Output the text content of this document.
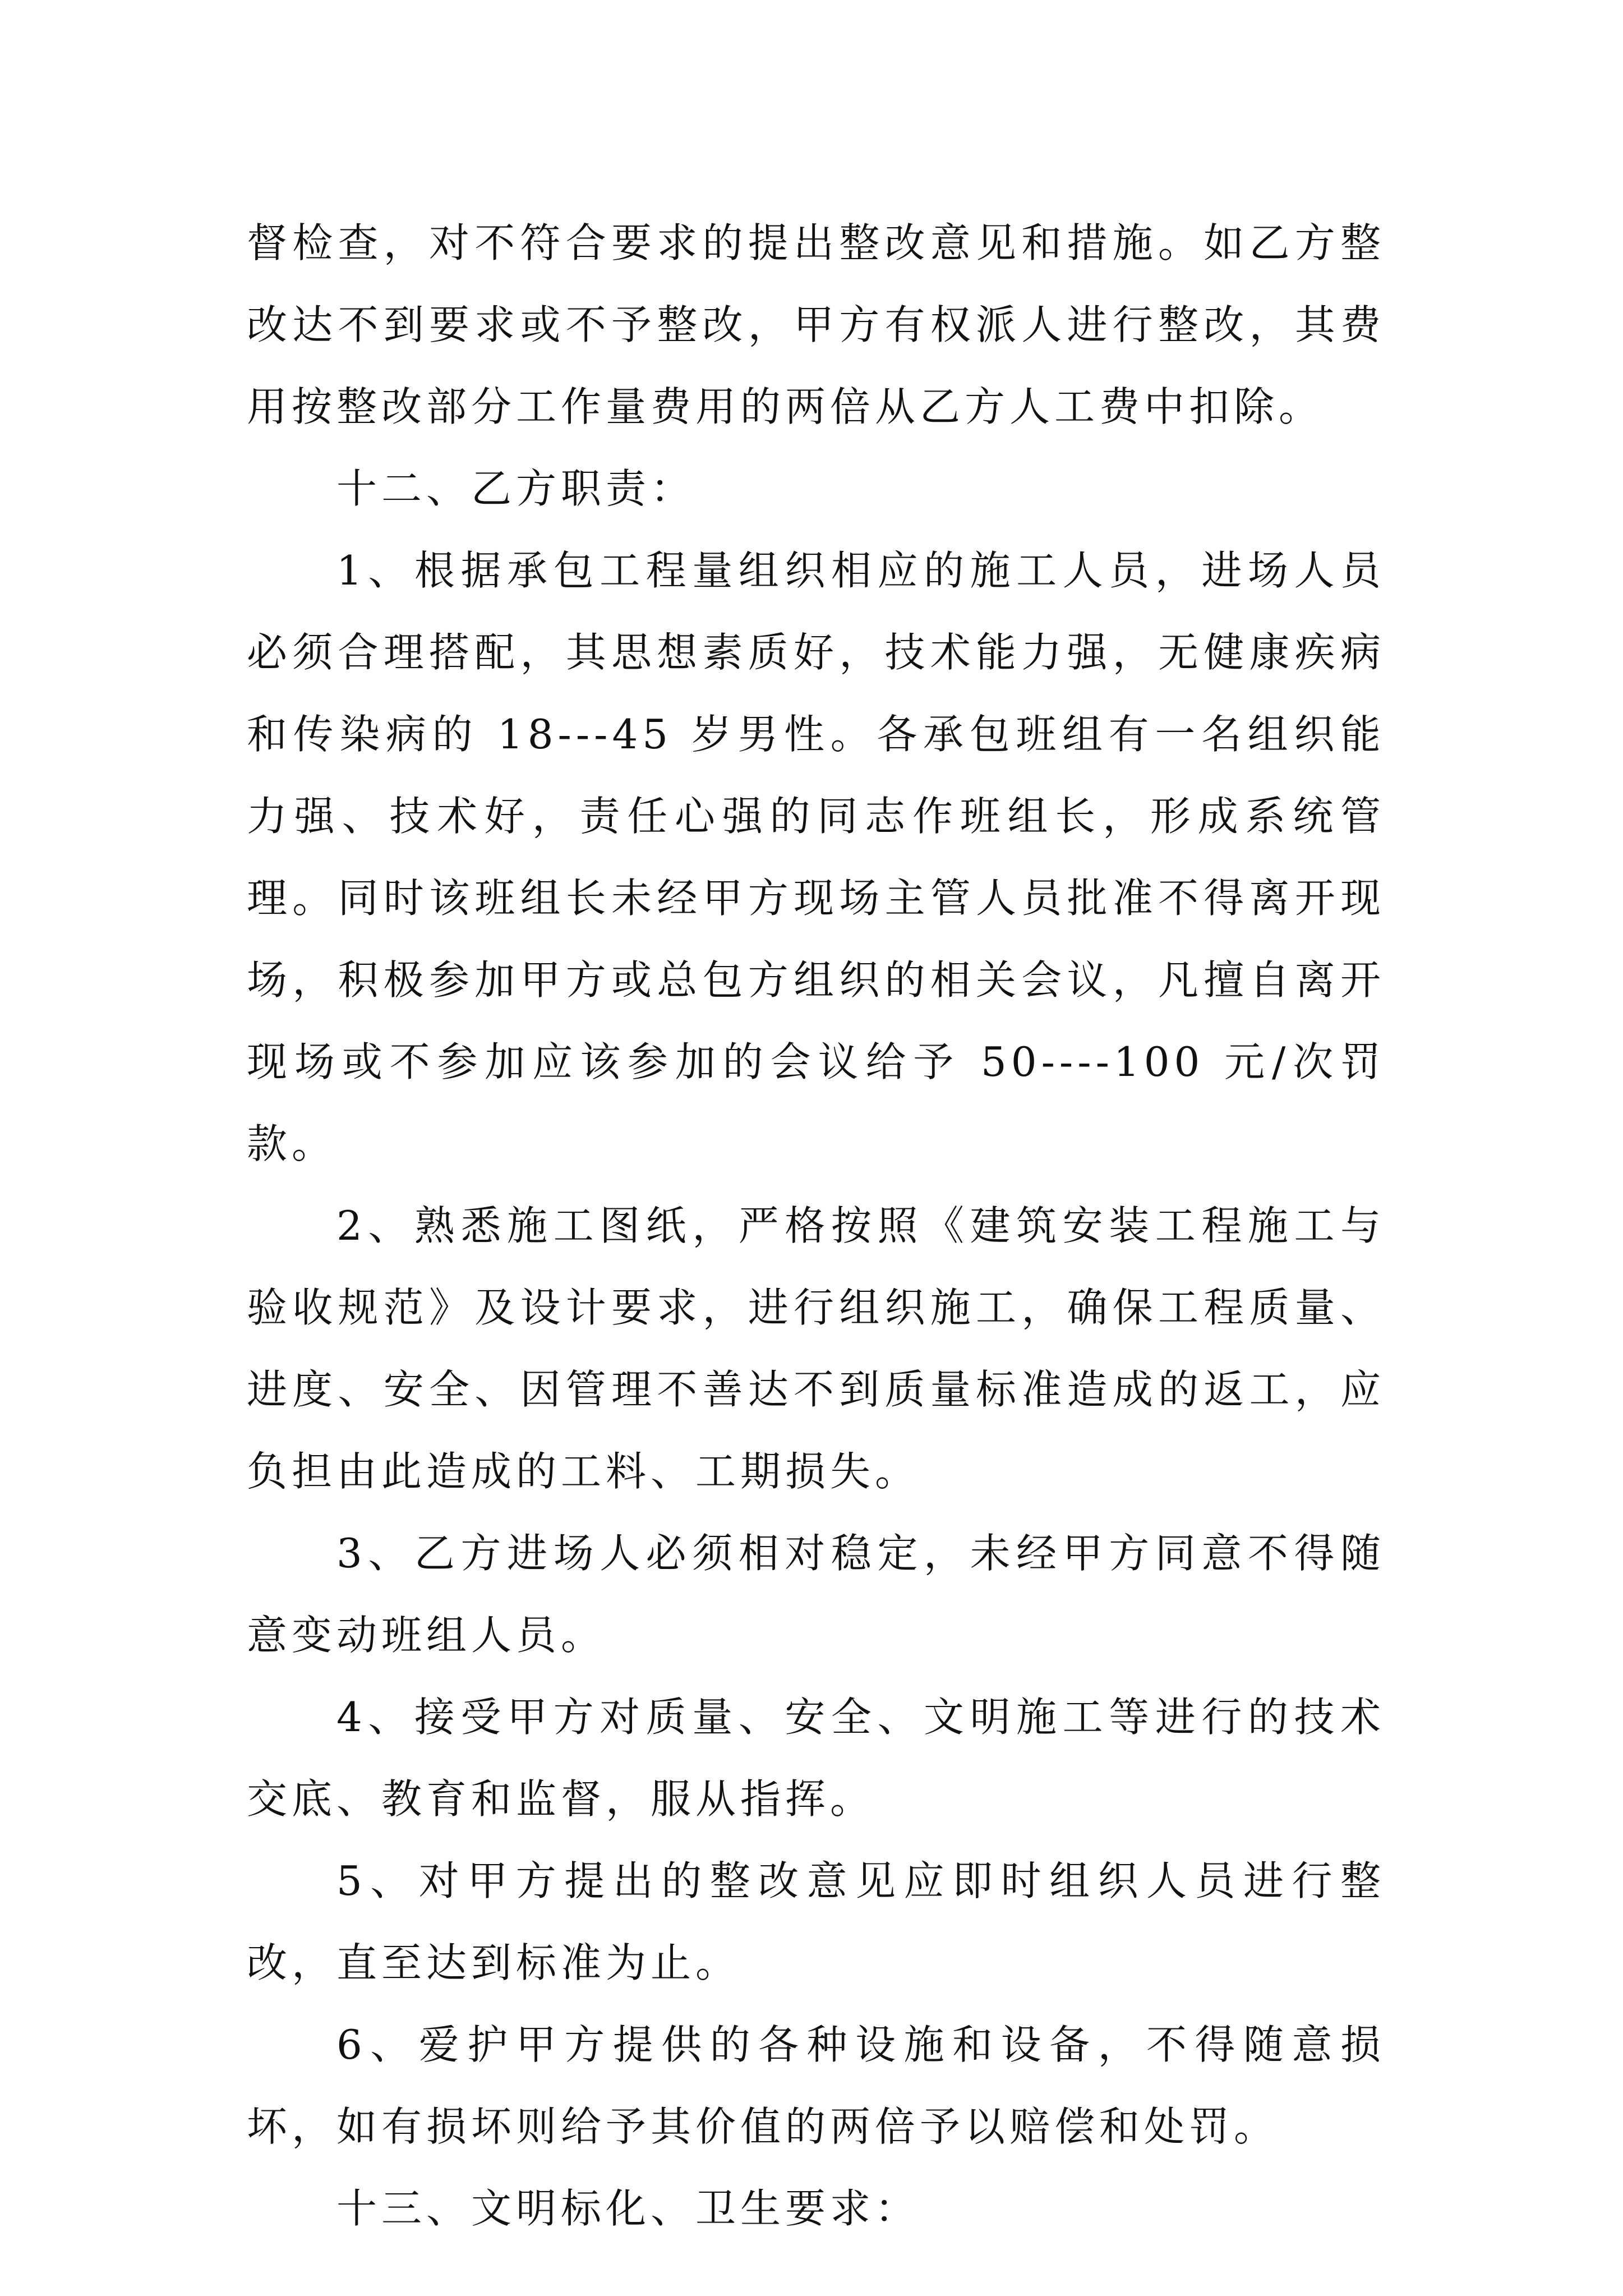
督检查，对不符合要求的提出整改意见和措施。如乙方整改达不到要求或不予整改，甲方有权派人进行整改，其费用按整改部分工作量费用的两倍从乙方人工费中扣除。

十二、乙方职责：

1、根据承包工程量组织相应的施工人员，进场人员必须合理搭配，其思想素质好，技术能力强，无健康疾病和传染病的 18---45 岁男性。各承包班组有一名组织能力强、技术好，责任心强的同志作班组长，形成系统管理。同时该班组长未经甲方现场主管人员批准不得离开现场，积极参加甲方或总包方组织的相关会议，凡擅自离开现场或不参加应该参加的会议给予 50----100 元/次罚款。

2、熟悉施工图纸，严格按照《建筑安装工程施工与验收规范》及设计要求，进行组织施工，确保工程质量、进度、安全、因管理不善达不到质量标准造成的返工，应负担由此造成的工料、工期损失。

3、乙方进场人必须相对稳定，未经甲方同意不得随意变动班组人员。

4、接受甲方对质量、安全、文明施工等进行的技术交底、教育和监督，服从指挥。

5、对甲方提出的整改意见应即时组织人员进行整改，直至达到标准为止。

6、爱护甲方提供的各种设施和设备，不得随意损坏，如有损坏则给予其价值的两倍予以赔偿和处罚。

十三、文明标化、卫生要求：
